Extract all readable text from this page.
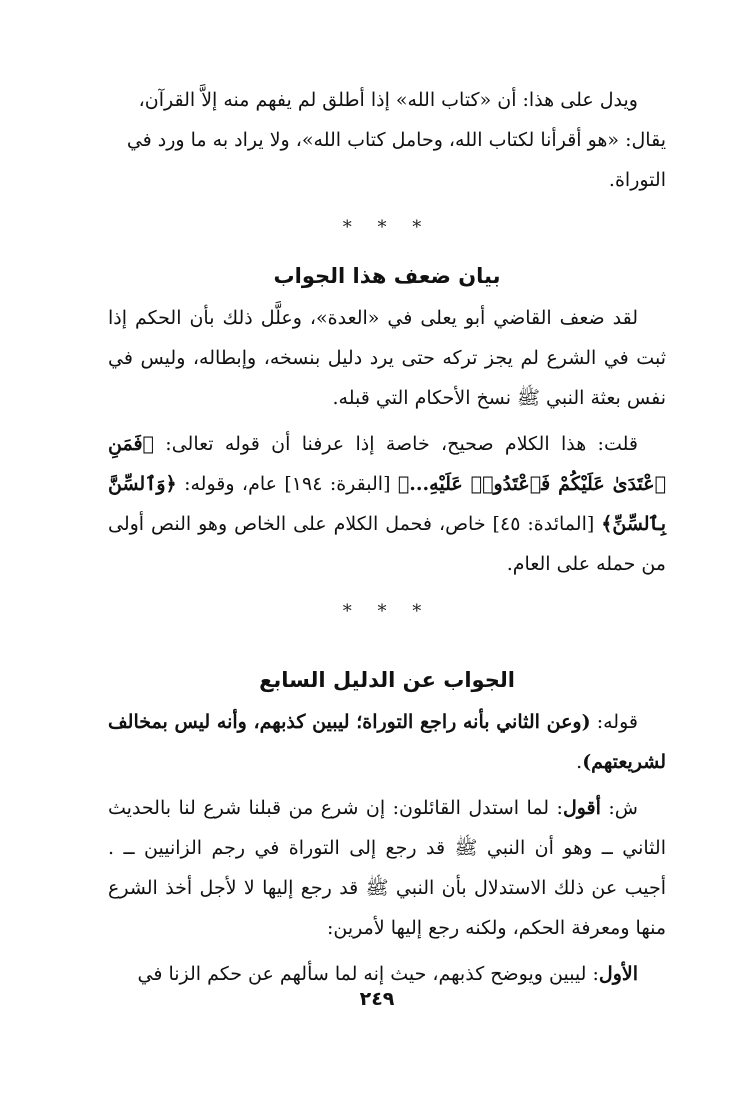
ويدل على هذا: أن «كتاب الله» إذا أطلق لم يفهم منه إلاَّ القرآن،
يقال: «هو أقرأنا لكتاب الله، وحامل كتاب الله»، ولا يراد به ما ورد في
التوراة.

* * *
بيان ضعف هذا الجواب

لقد ضعف القاضي أبو يعلى في «العدة»، وعلَّل ذلك بأن الحكم إذا ثبت في الشرع لم يجز تركه حتى يرد دليل بنسخه، وإبطاله، وليس في نفس بعثة النبي ﷺ نسخ الأحكام التي قبله.

قلت: هذا الكلام صحيح، خاصة إذا عرفنا أن قوله تعالى: ﴿فَمَنِ ٱعْتَدَىٰ عَلَيْكُمْ فَٱعْتَدُوا۟ عَلَيْهِ...﴾ [البقرة: ١٩٤] عام، وقوله: ﴿وَٱلسِّنَّ بِٱلسِّنِّ﴾ [المائدة: ٤٥] خاص، فحمل الكلام على الخاص وهو النص أولى من حمله على العام.

* * *
الجواب عن الدليل السابع

قوله: (وعن الثاني بأنه راجع التوراة؛ ليبين كذبهم، وأنه ليس بمخالف لشريعتهم).

ش: أقول: لما استدل القائلون: إن شرع من قبلنا شرع لنا بالحديث الثاني ــ وهو أن النبي ﷺ قد رجع إلى التوراة في رجم الزانيين ــ . أجيب عن ذلك الاستدلال بأن النبي ﷺ قد رجع إليها لا لأجل أخذ الشرع منها ومعرفة الحكم، ولكنه رجع إليها لأمرين:

الأول: ليبين ويوضح كذبهم، حيث إنه لما سألهم عن حكم الزنا في

٢٤٩
